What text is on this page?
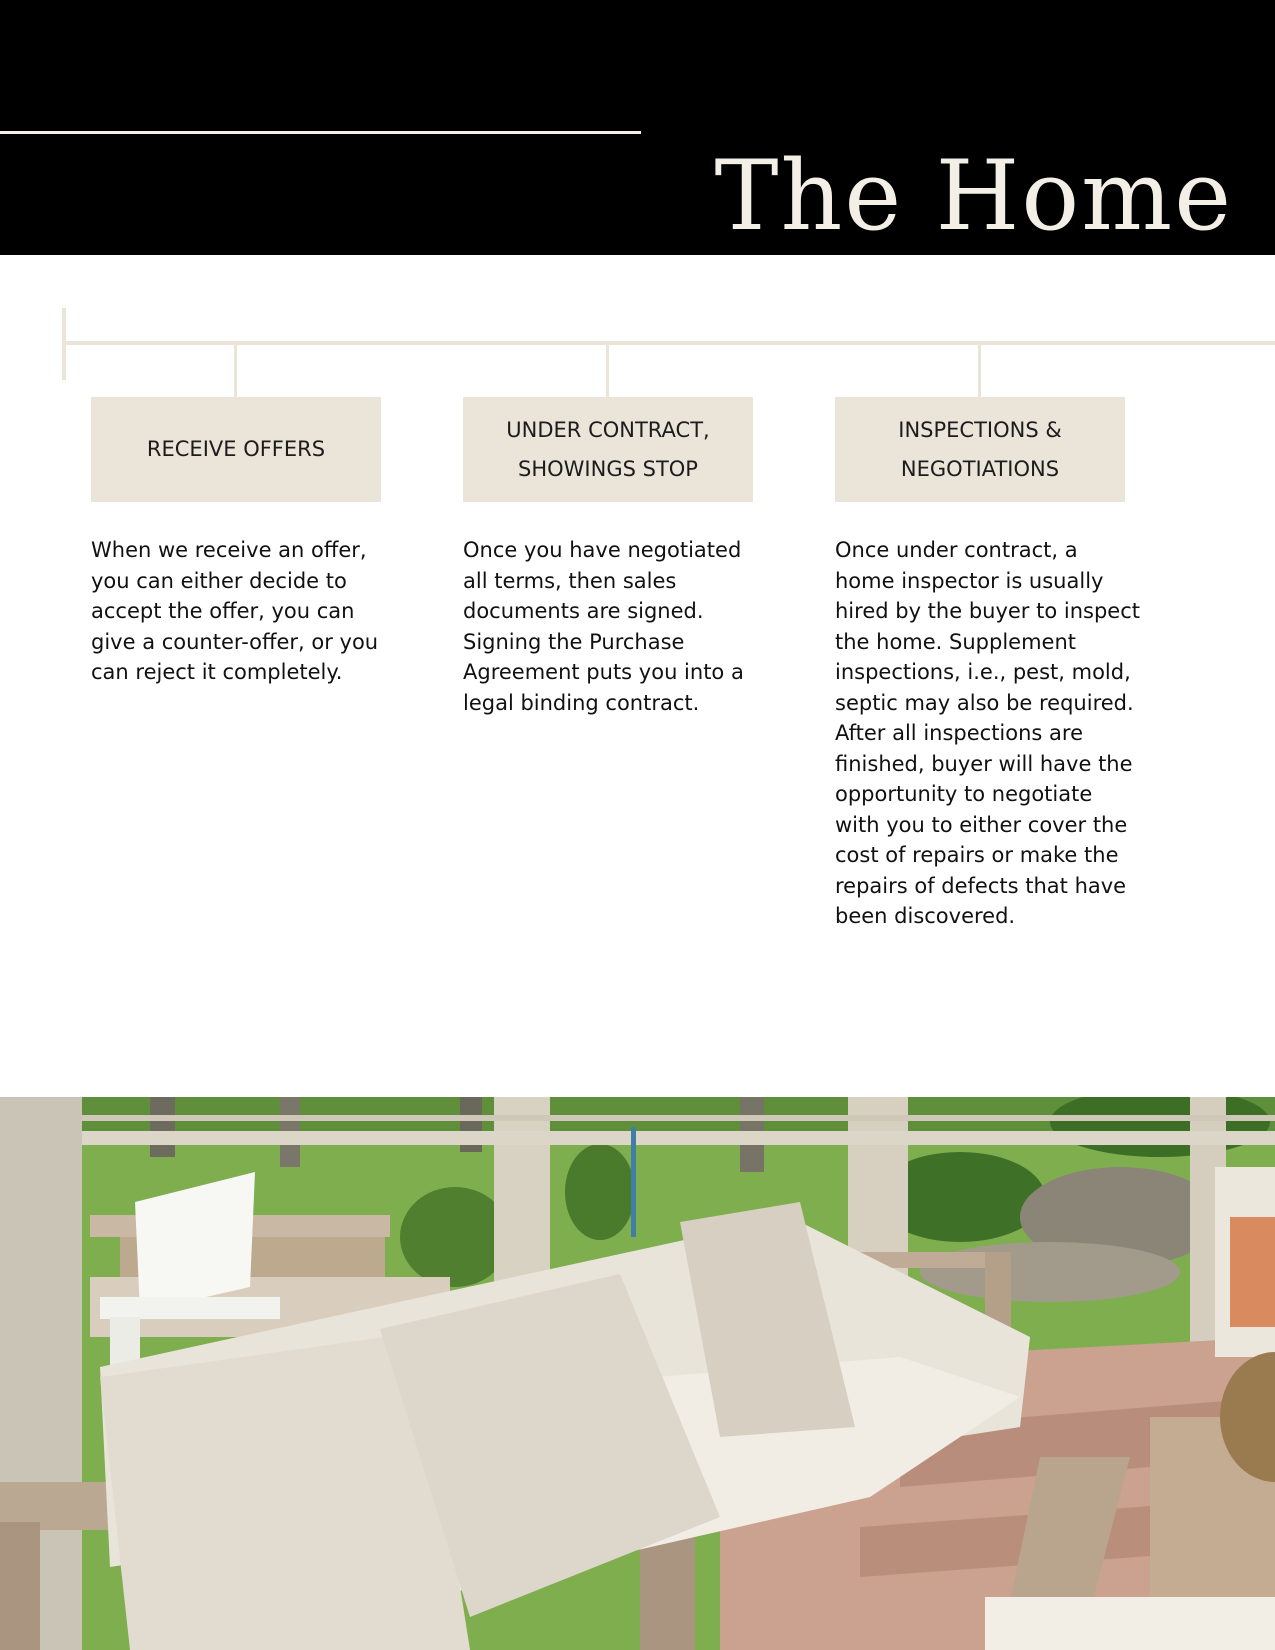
The Home
RECEIVE OFFERS
UNDER CONTRACT, SHOWINGS STOP
INSPECTIONS & NEGOTIATIONS

When we receive an offer, you can either decide to accept the offer, you can give a counter-offer, or you can reject it completely.

Once you have negotiated all terms, then sales documents are signed. Signing the Purchase Agreement puts you into a legal binding contract.

Once under contract, a home inspector is usually hired by the buyer to inspect the home. Supplement inspections, i.e., pest, mold, septic may also be required. After all inspections are finished, buyer will have the opportunity to negotiate with you to either cover the cost of repairs or make the repairs of defects that have been discovered.
